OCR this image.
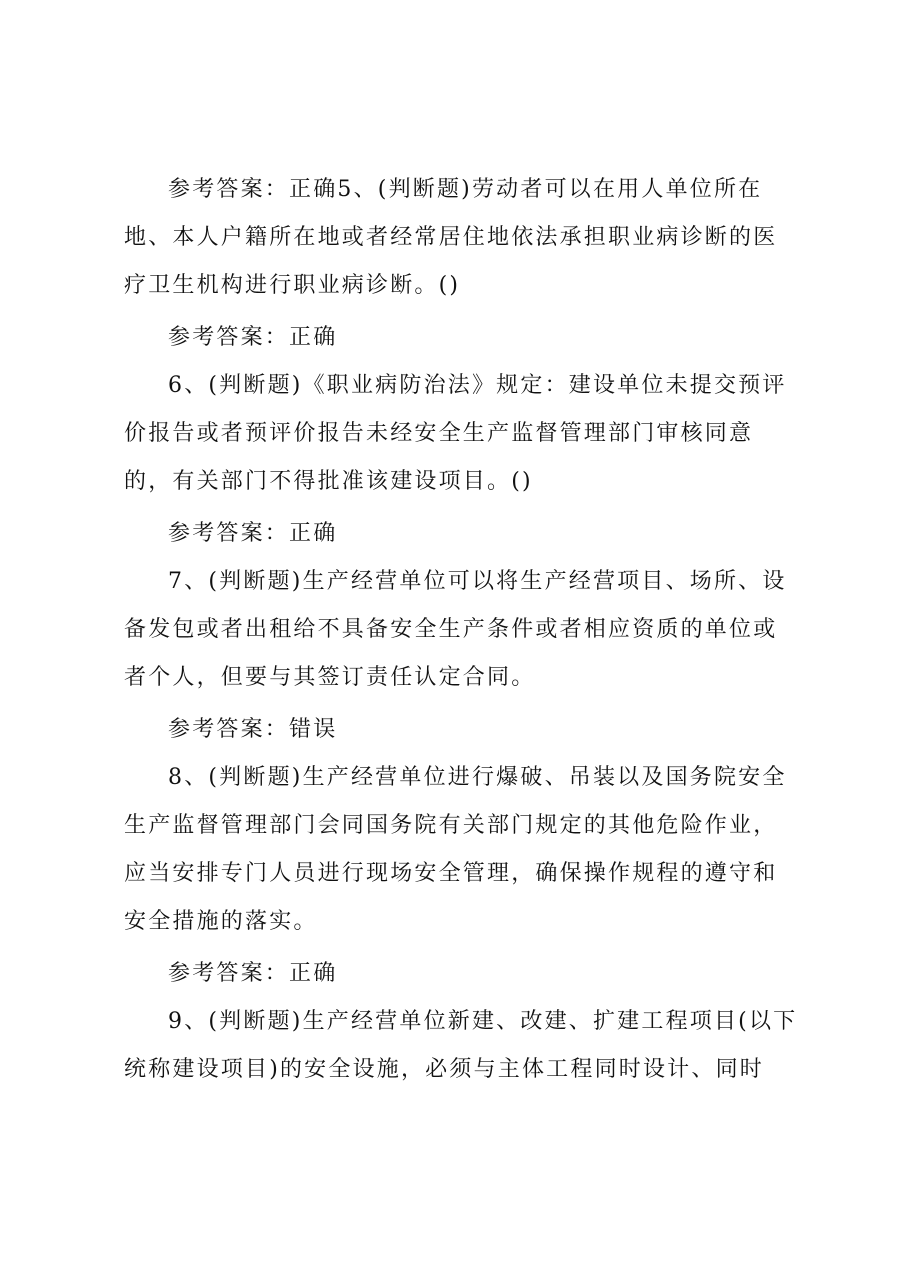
参考答案：正确5、(判断题)劳动者可以在用人单位所在地、本人户籍所在地或者经常居住地依法承担职业病诊断的医疗卫生机构进行职业病诊断。()

参考答案：正确

6、(判断题)《职业病防治法》规定：建设单位未提交预评价报告或者预评价报告未经安全生产监督管理部门审核同意的，有关部门不得批准该建设项目。()

参考答案：正确

7、(判断题)生产经营单位可以将生产经营项目、场所、设备发包或者出租给不具备安全生产条件或者相应资质的单位或者个人，但要与其签订责任认定合同。

参考答案：错误

8、(判断题)生产经营单位进行爆破、吊装以及国务院安全生产监督管理部门会同国务院有关部门规定的其他危险作业，应当安排专门人员进行现场安全管理，确保操作规程的遵守和安全措施的落实。

参考答案：正确

9、(判断题)生产经营单位新建、改建、扩建工程项目(以下统称建设项目)的安全设施，必须与主体工程同时设计、同时
